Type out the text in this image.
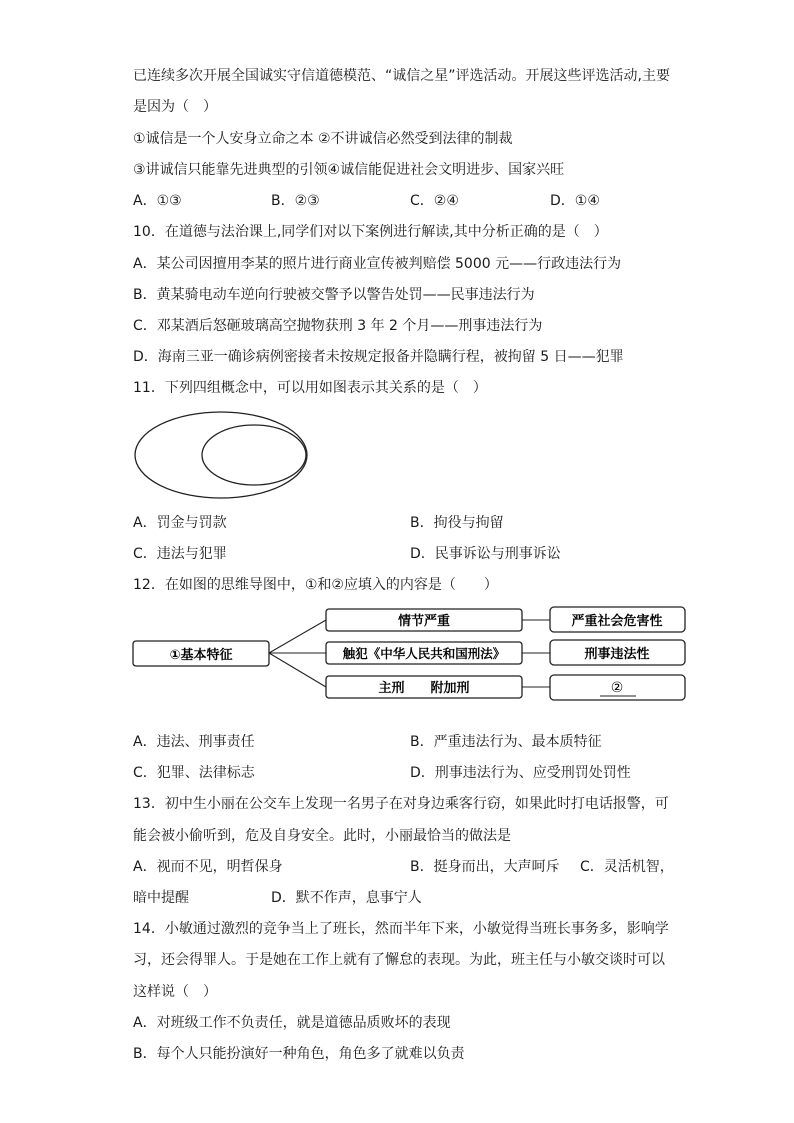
已连续多次开展全国诚实守信道德模范、“诚信之星”评选活动。开展这些评选活动,主要
是因为（　）
①诚信是一个人安身立命之本 ②不讲诚信必然受到法律的制裁
③讲诚信只能靠先进典型的引领④诚信能促进社会文明进步、国家兴旺
A．①③	B．②③	C．②④	D．①④
10．在道德与法治课上,同学们对以下案例进行解读,其中分析正确的是（　）
A．某公司因擅用李某的照片进行商业宣传被判赔偿 5000 元——行政违法行为
B．黄某骑电动车逆向行驶被交警予以警告处罚——民事违法行为
C．邓某酒后怒砸玻璃高空抛物获刑 3 年 2 个月——刑事违法行为
D．海南三亚一确诊病例密接者未按规定报备并隐瞒行程，被拘留 5 日——犯罪
11．下列四组概念中，可以用如图表示其关系的是（　）
A．罚金与罚款	B．拘役与拘留
C．违法与犯罪	D．民事诉讼与刑事诉讼
12．在如图的思维导图中，①和②应填入的内容是（　　）
①基本特征
情节严重
触犯《中华人民共和国刑法》
主刑　　附加刑
严重社会危害性
刑事违法性
②
A．违法、刑事责任	B．严重违法行为、最本质特征
C．犯罪、法律标志	D．刑事违法行为、应受刑罚处罚性
13．初中生小丽在公交车上发现一名男子在对身边乘客行窃，如果此时打电话报警，可
能会被小偷听到，危及自身安全。此时，小丽最恰当的做法是
A．视而不见，明哲保身	B．挺身而出，大声呵斥 C．灵活机智，
暗中提醒	D．默不作声，息事宁人
14．小敏通过激烈的竞争当上了班长，然而半年下来，小敏觉得当班长事务多，影响学
习，还会得罪人。于是她在工作上就有了懈怠的表现。为此，班主任与小敏交谈时可以
这样说（　）
A．对班级工作不负责任，就是道德品质败坏的表现
B．每个人只能扮演好一种角色，角色多了就难以负责
